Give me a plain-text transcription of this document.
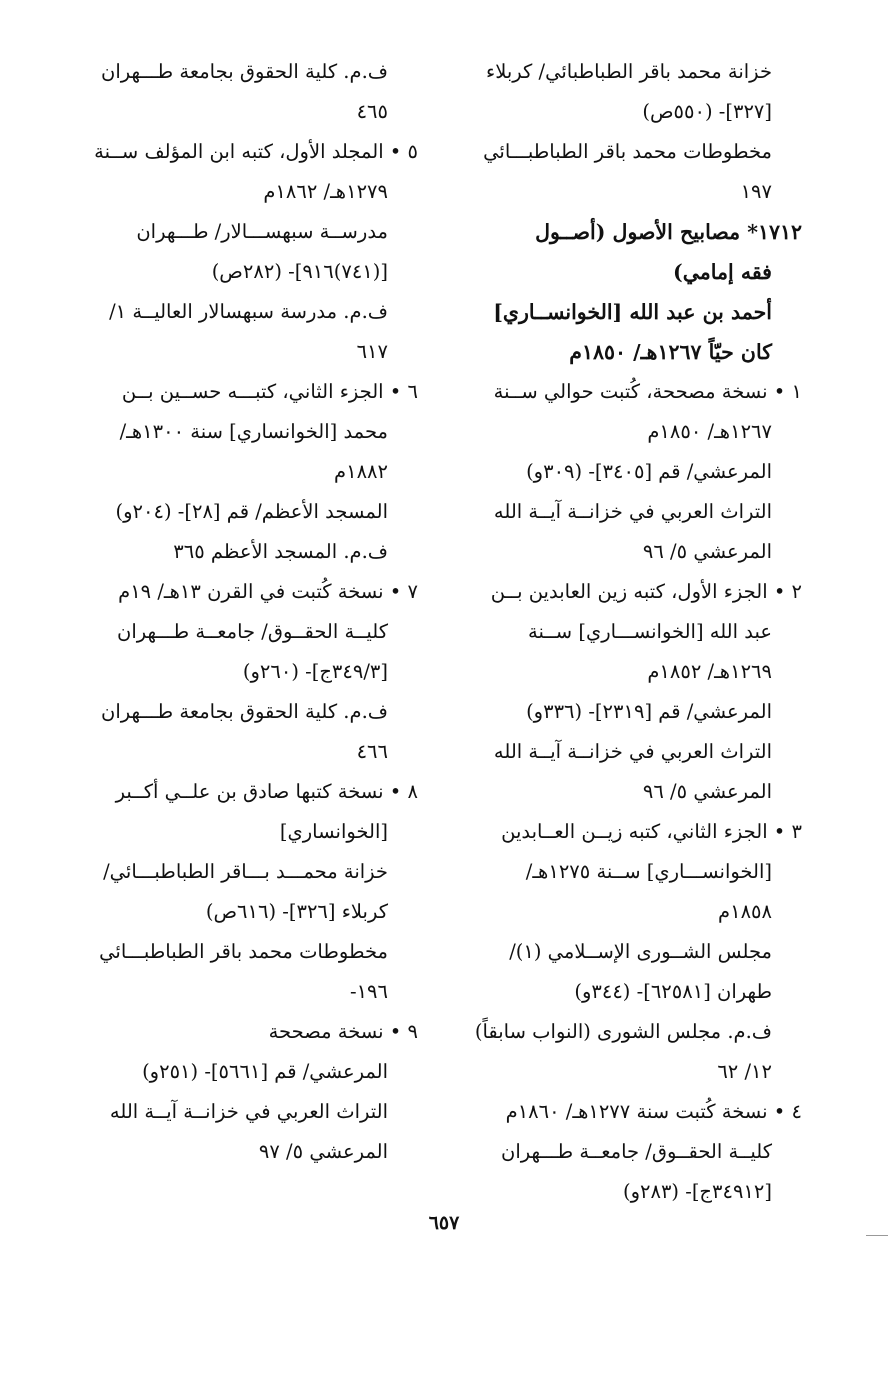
خزانة محمد باقر الطباطبائي/ كربلاء
[٣٢٧]- (٥٥٠ص)
مخطوطات محمد باقر الطباطبـــائي
١٩٧
١٧١٢* مصابيح الأصول (أصــول
فقه إمامي)
أحمد بن عبد الله [الخوانســاري]
كان حيّاً ١٢٦٧هـ/ ١٨٥٠م
١ • نسخة مصححة، كُتبت حوالي ســنة
١٢٦٧هـ/ ١٨٥٠م
المرعشي/ قم [٣٤٠٥]- (٣٠٩و)
التراث العربي في خزانــة آيــة الله
المرعشي ٥/ ٩٦
٢ • الجزء الأول، كتبه زين العابدين بــن
عبد الله [الخوانســـاري] ســنة
١٢٦٩هـ/ ١٨٥٢م
المرعشي/ قم [٢٣١٩]- (٣٣٦و)
التراث العربي في خزانــة آيــة الله
المرعشي ٥/ ٩٦
٣ • الجزء الثاني، كتبه زيــن العــابدين
[الخوانســـاري] ســنة ١٢٧٥هـ/
١٨٥٨م
مجلس الشــورى الإســلامي (١)/
طهران [٦٢٥٨١]- (٣٤٤و)
ف.م. مجلس الشورى (النواب سابقاً)
١٢/ ٦٢
٤ • نسخة كُتبت سنة ١٢٧٧هـ/ ١٨٦٠م
كليــة الحقــوق/ جامعــة طـــهران
[٣٤٩١٢ج]- (٢٨٣و)
ف.م. كلية الحقوق بجامعة طـــهران
٤٦٥
٥ • المجلد الأول، كتبه ابن المؤلف ســنة
١٢٧٩هـ/ ١٨٦٢م
مدرســة سبهســـالار/ طـــهران
[(٧٤١)٩١٦]- (٢٨٢ص)
ف.م. مدرسة سبهسالار العاليــة ١/
٦١٧
٦ • الجزء الثاني، كتبـــه حســين بــن
محمد [الخوانساري] سنة ١٣٠٠هـ/
١٨٨٢م
المسجد الأعظم/ قم [٢٨]- (٢٠٤و)
ف.م. المسجد الأعظم ٣٦٥
٧ • نسخة كُتبت في القرن ١٣هـ/ ١٩م
كليــة الحقــوق/ جامعــة طـــهران
[٣٤٩/٣ج]- (٢٦٠و)
ف.م. كلية الحقوق بجامعة طـــهران
٤٦٦
٨ • نسخة كتبها صادق بن علــي أكــبر
[الخوانساري]
خزانة محمـــد بـــاقر الطباطبـــائي/
كربلاء [٣٢٦]- (٦١٦ص)
مخطوطات محمد باقر الطباطبـــائي
١٩٦-
٩ • نسخة مصححة
المرعشي/ قم [٥٦٦١]- (٢٥١و)
التراث العربي في خزانــة آيــة الله
المرعشي ٥/ ٩٧
٦٥٧
